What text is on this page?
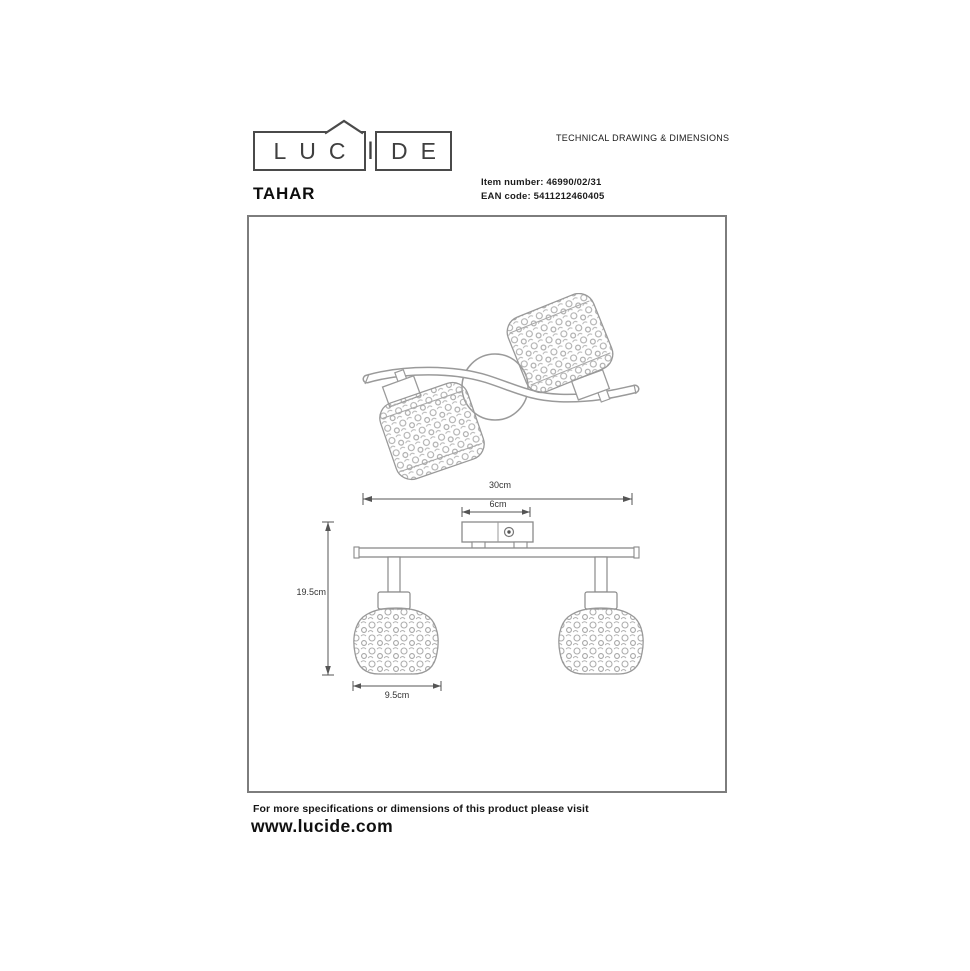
LUC I DE	TECHNICAL DRAWING & DIMENSIONS
TAHAR
Item number: 46990/02/31
EAN code: 5411212460405
30cm
6cm
19.5cm
9.5cm
For more specifications or dimensions of this product please visit
www.lucide.com
